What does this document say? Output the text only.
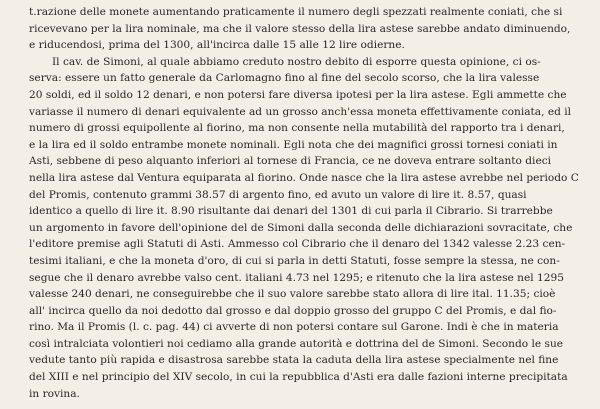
t.razione delle monete aumentando praticamente il numero degli spezzati realmente coniati, che si
ricevevano per la lira nominale, ma che il valore stesso della lira astese sarebbe andato diminuendo,
e riducendosi, prima del 1300, all'incirca dalle 15 alle 12 lire odierne.
Il cav. de Simoni, al quale abbiamo creduto nostro debito di esporre questa opinione, ci os-
serva: essere un fatto generale da Carlomagno fino al fine del secolo scorso, che la lira valesse
20 soldi, ed il soldo 12 denari, e non potersi fare diversa ipotesi per la lira astese. Egli ammette che
variasse il numero di denari equivalente ad un grosso anch'essa moneta effettivamente coniata, ed il
numero di grossi equipollente al fiorino, ma non consente nella mutabilità del rapporto tra i denari,
e la lira ed il soldo entrambe monete nominali. Egli nota che dei magnifici grossi tornesi coniati in
Asti, sebbene di peso alquanto inferiori al tornese di Francia, ce ne doveva entrare soltanto dieci
nella lira astese dal Ventura equiparata al fiorino. Onde nasce che la lira astese avrebbe nel periodo C
del Promis, contenuto grammi 38.57 di argento fino, ed avuto un valore di lire it. 8.57, quasi
identico a quello di lire it. 8.90 risultante dai denari del 1301 di cui parla il Cibrario. Si trarrebbe
un argomento in favore dell'opinione del de Simoni dalla seconda delle dichiarazioni sovracitate, che
l'editore premise agli Statuti di Asti. Ammesso col Cibrario che il denaro del 1342 valesse 2.23 cen-
tesimi italiani, e che la moneta d'oro, di cui si parla in detti Statuti, fosse sempre la stessa, ne con-
segue che il denaro avrebbe valso cent. italiani 4.73 nel 1295; e ritenuto che la lira astese nel 1295
valesse 240 denari, ne conseguirebbe che il suo valore sarebbe stato allora di lire ital. 11.35; cioè
all' incirca quello da noi dedotto dal grosso e dal doppio grosso del gruppo C del Promis, e dal fio-
rino. Ma il Promis (l. c. pag. 44) ci avverte di non potersi contare sul Garone. Indi è che in materia
così intralciata volontieri noi cediamo alla grande autorità e dottrina del de Simoni. Secondo le sue
vedute tanto più rapida e disastrosa sarebbe stata la caduta della lira astese specialmente nel fine
del XIII e nel principio del XIV secolo, in cui la repubblica d'Asti era dalle fazioni interne precipitata
in rovina.
